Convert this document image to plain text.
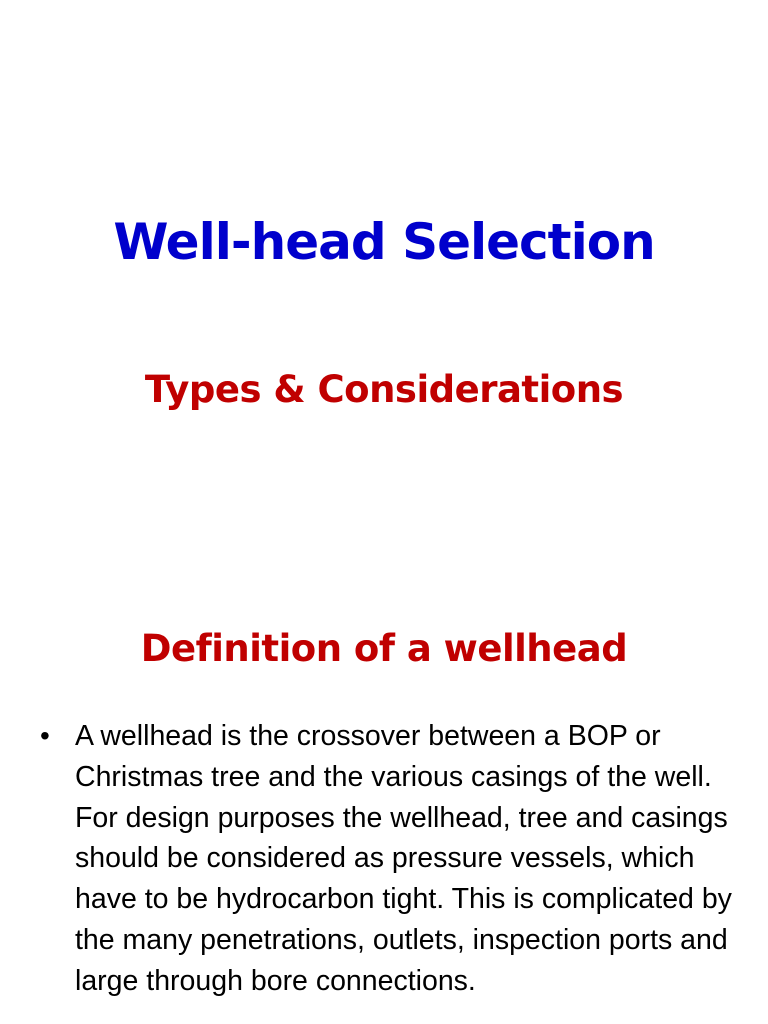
Well-head Selection
Types & Considerations
Definition of a wellhead
• A wellhead is the crossover between a BOP or Christmas tree and the various casings of the well. For design purposes the wellhead, tree and casings should be considered as pressure vessels, which have to be hydrocarbon tight. This is complicated by the many penetrations, outlets, inspection ports and large through bore connections.
